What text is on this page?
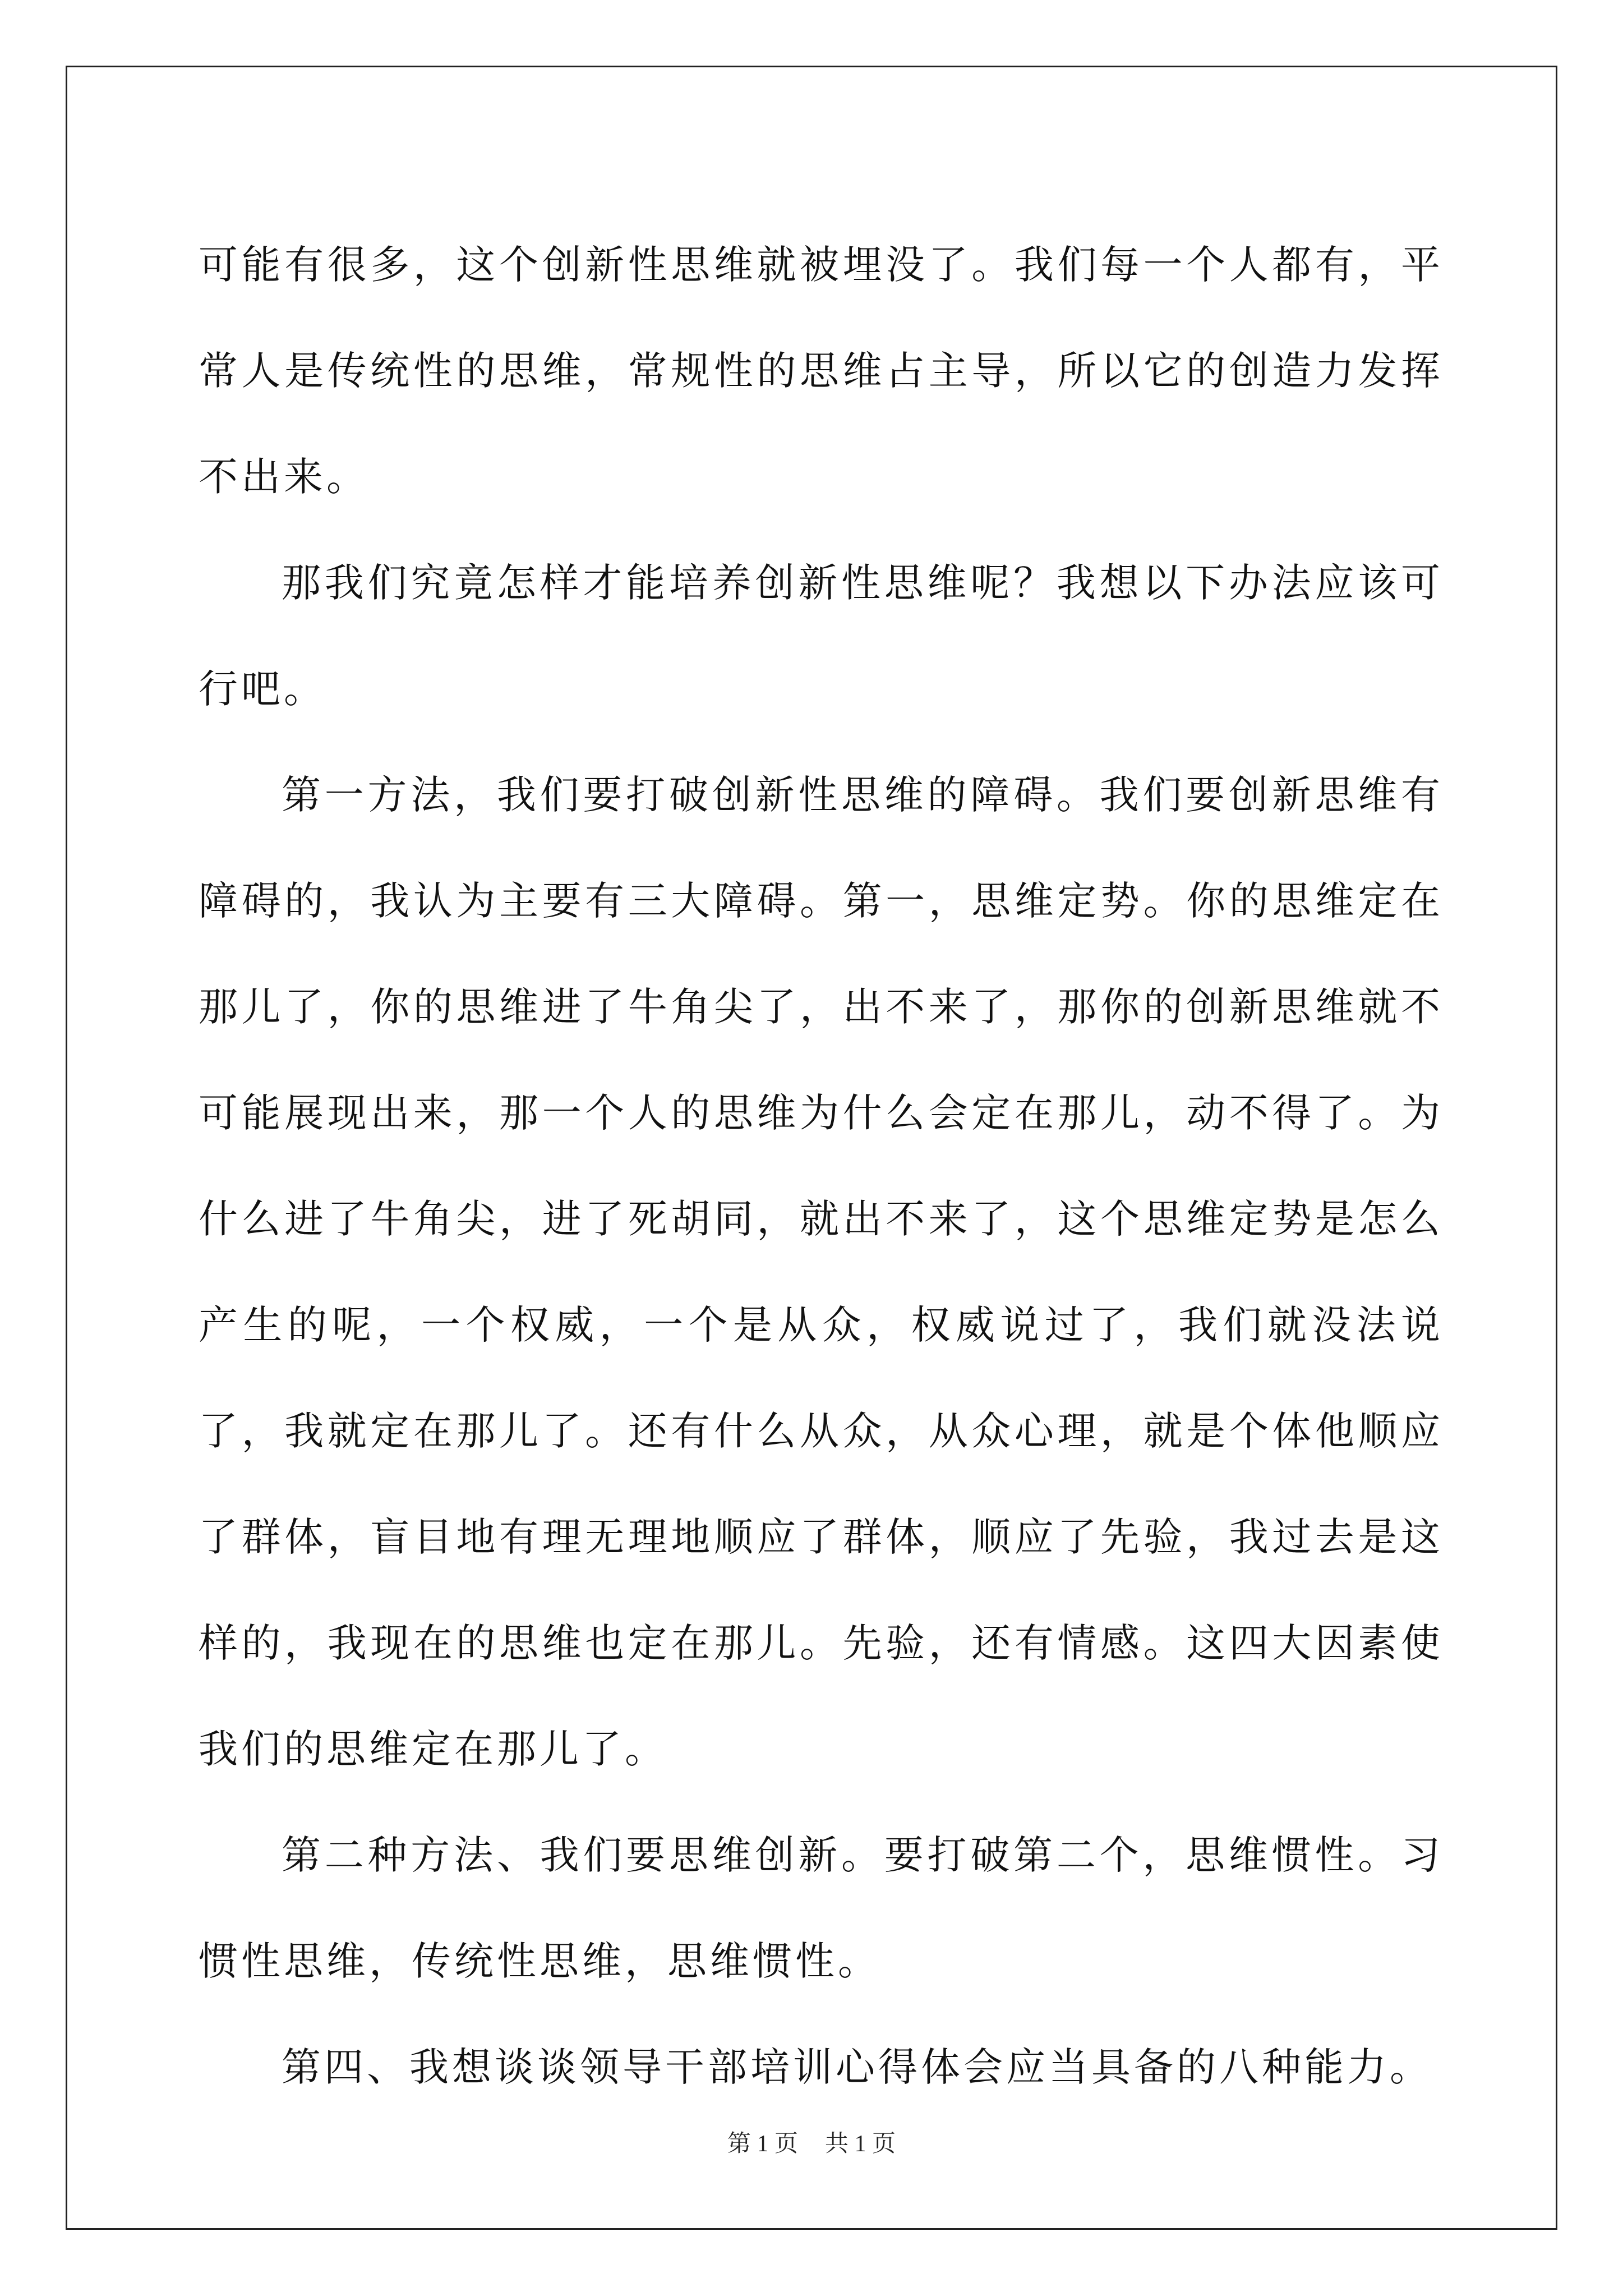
可能有很多，这个创新性思维就被埋没了。我们每一个人都有，平常人是传统性的思维，常规性的思维占主导，所以它的创造力发挥不出来。

那我们究竟怎样才能培养创新性思维呢？我想以下办法应该可行吧。

第一方法，我们要打破创新性思维的障碍。我们要创新思维有障碍的，我认为主要有三大障碍。第一，思维定势。你的思维定在那儿了，你的思维进了牛角尖了，出不来了，那你的创新思维就不可能展现出来，那一个人的思维为什么会定在那儿，动不得了。为什么进了牛角尖，进了死胡同，就出不来了，这个思维定势是怎么产生的呢，一个权威，一个是从众，权威说过了，我们就没法说了，我就定在那儿了。还有什么从众，从众心理，就是个体他顺应了群体，盲目地有理无理地顺应了群体，顺应了先验，我过去是这样的，我现在的思维也定在那儿。先验，还有情感。这四大因素使我们的思维定在那儿了。

第二种方法、我们要思维创新。要打破第二个，思维惯性。习惯性思维，传统性思维，思维惯性。

第四、我想谈谈领导干部培训心得体会应当具备的八种能力。

第 1 页 共 1 页
